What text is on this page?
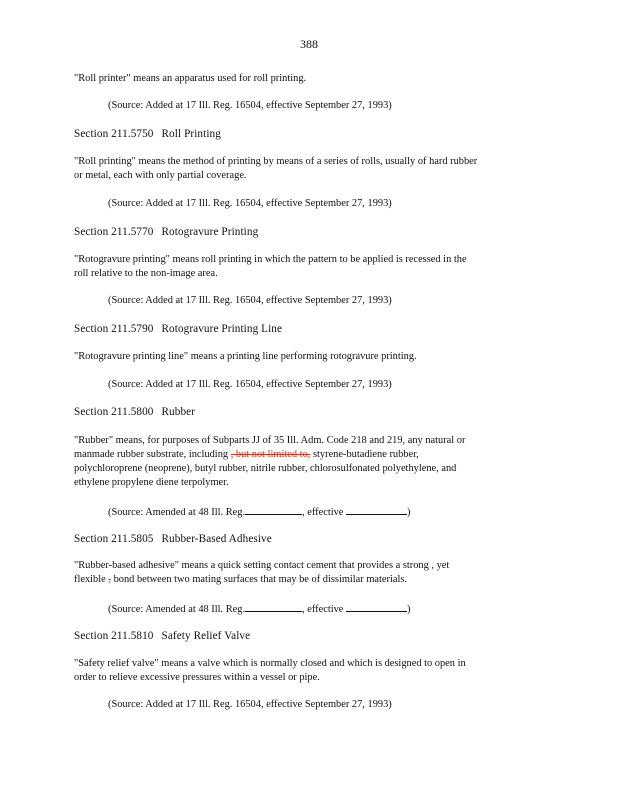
388
"Roll printer" means an apparatus used for roll printing.
(Source: Added at 17 Ill. Reg. 16504, effective September 27, 1993)
Section 211.5750 Roll Printing
"Roll printing" means the method of printing by means of a series of rolls, usually of hard rubber
or metal, each with only partial coverage.
(Source: Added at 17 Ill. Reg. 16504, effective September 27, 1993)
Section 211.5770 Rotogravure Printing
"Rotogravure printing" means roll printing in which the pattern to be applied is recessed in the
roll relative to the non-image area.
(Source: Added at 17 Ill. Reg. 16504, effective September 27, 1993)
Section 211.5790 Rotogravure Printing Line
"Rotogravure printing line" means a printing line performing rotogravure printing.
(Source: Added at 17 Ill. Reg. 16504, effective September 27, 1993)
Section 211.5800 Rubber
"Rubber" means, for purposes of Subparts JJ of 35 Ill. Adm. Code 218 and 219, any natural or
manmade rubber substrate, including , but not limited to, styrene-butadiene rubber,
polychloroprene (neoprene), butyl rubber, nitrile rubber, chlorosulfonated polyethylene, and
ethylene propylene diene terpolymer.
(Source: Amended at 48 Ill. Reg.	, effective	)
Section 211.5805 Rubber-Based Adhesive
"Rubber-based adhesive" means a quick setting contact cement that provides a strong , yet
flexible , bond between two mating surfaces that may be of dissimilar materials.
(Source: Amended at 48 Ill. Reg.	, effective	)
Section 211.5810 Safety Relief Valve
"Safety relief valve" means a valve which is normally closed and which is designed to open in
order to relieve excessive pressures within a vessel or pipe.
(Source: Added at 17 Ill. Reg. 16504, effective September 27, 1993)
